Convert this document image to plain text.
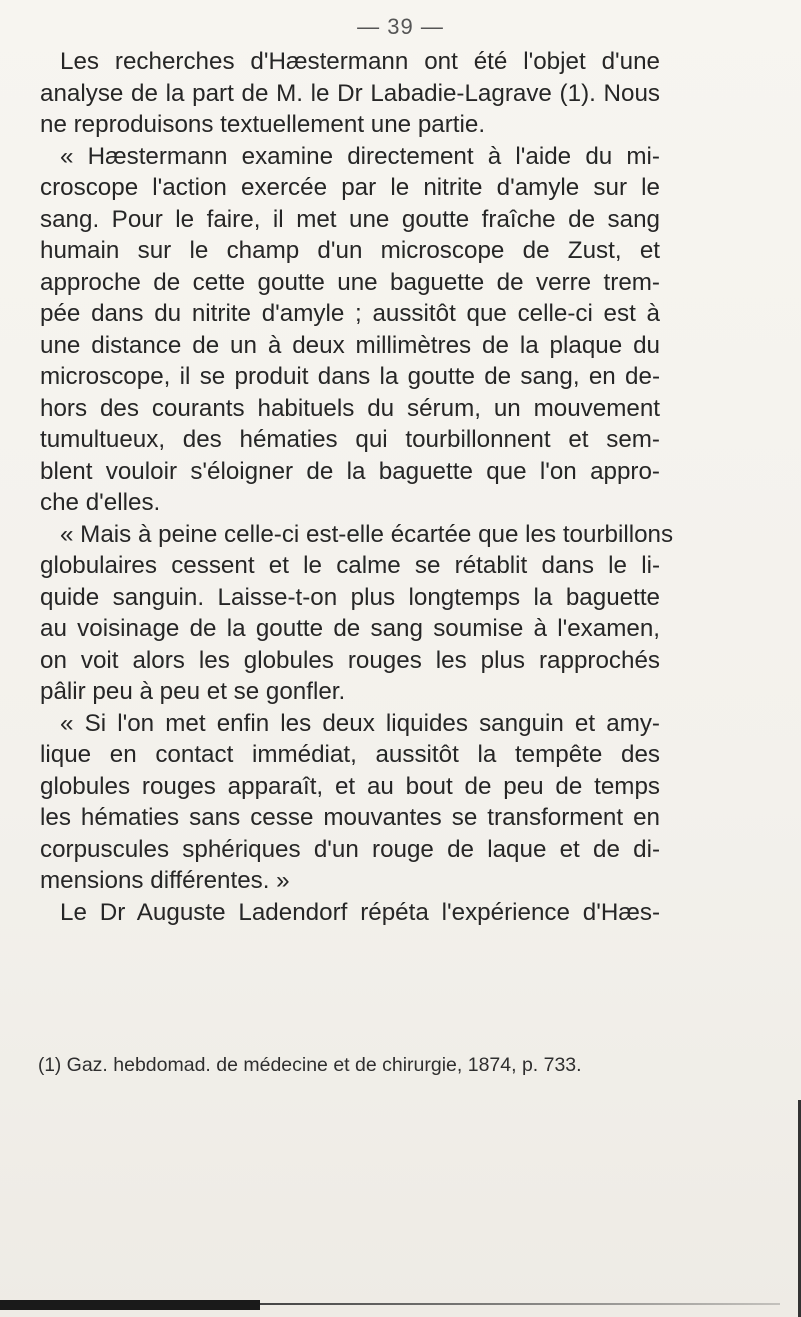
— 39 —
Les recherches d'Hæstermann ont été l'objet d'une
analyse de la part de M. le Dr Labadie-Lagrave (1). Nous
ne reproduisons textuellement une partie.
« Hæstermann examine directement à l'aide du mi-
croscope l'action exercée par le nitrite d'amyle sur le
sang. Pour le faire, il met une goutte fraîche de sang
humain sur le champ d'un microscope de Zust, et
approche de cette goutte une baguette de verre trem-
pée dans du nitrite d'amyle ; aussitôt que celle-ci est à
une distance de un à deux millimètres de la plaque du
microscope, il se produit dans la goutte de sang, en de-
hors des courants habituels du sérum, un mouvement
tumultueux, des hématies qui tourbillonnent et sem-
blent vouloir s'éloigner de la baguette que l'on appro-
che d'elles.
« Mais à peine celle-ci est-elle écartée que les tourbillons
globulaires cessent et le calme se rétablit dans le li-
quide sanguin. Laisse-t-on plus longtemps la baguette
au voisinage de la goutte de sang soumise à l'examen,
on voit alors les globules rouges les plus rapprochés
pâlir peu à peu et se gonfler.
« Si l'on met enfin les deux liquides sanguin et amy-
lique en contact immédiat, aussitôt la tempête des
globules rouges apparaît, et au bout de peu de temps
les hématies sans cesse mouvantes se transforment en
corpuscules sphériques d'un rouge de laque et de di-
mensions différentes. »
Le Dr Auguste Ladendorf répéta l'expérience d'Hæs-
(1) Gaz. hebdomad. de médecine et de chirurgie, 1874, p. 733.
